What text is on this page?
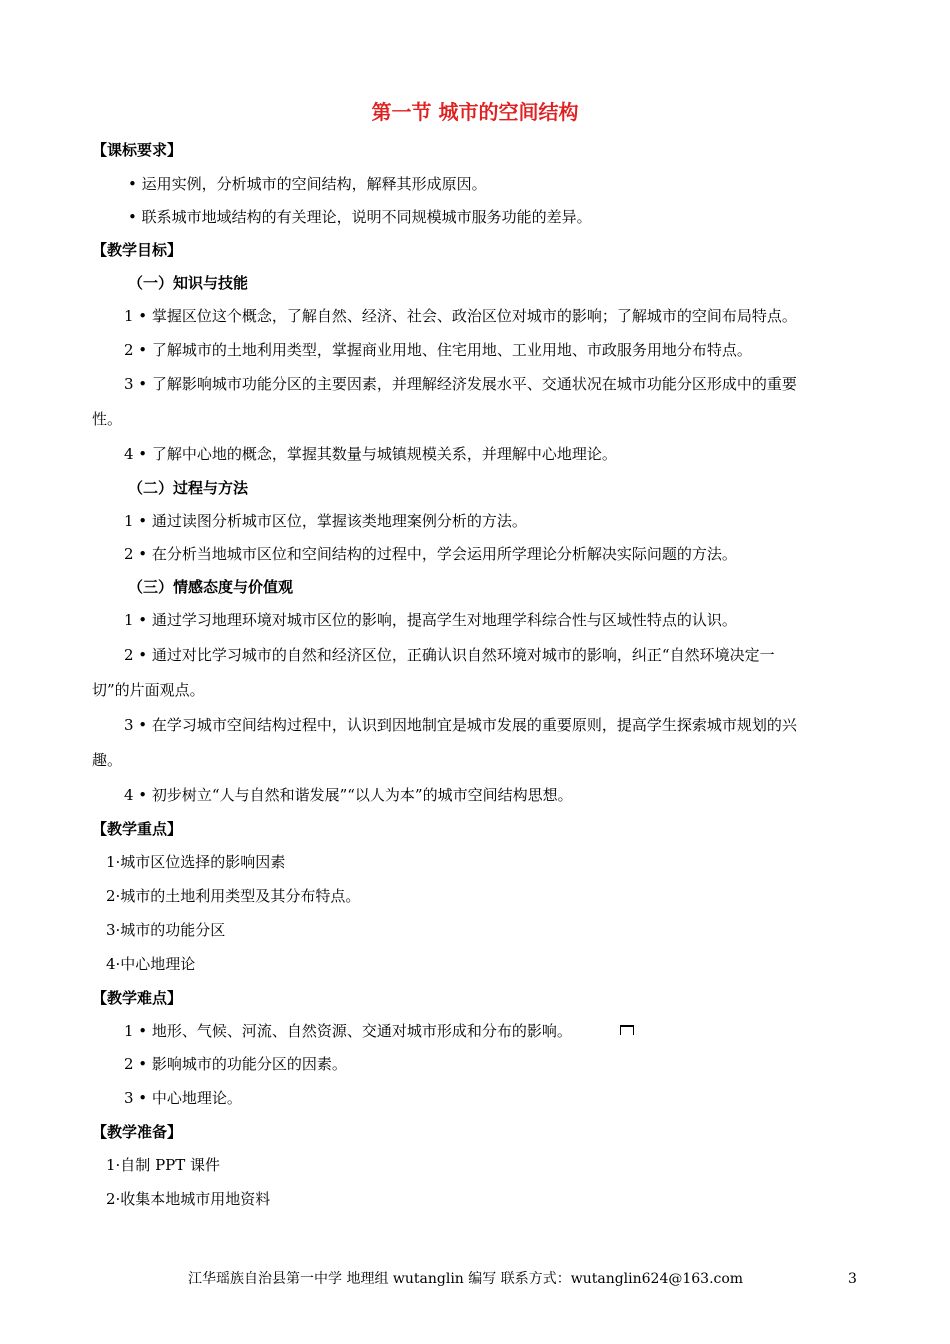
第一节 城市的空间结构
【课标要求】
• 运用实例，分析城市的空间结构，解释其形成原因。
• 联系城市地域结构的有关理论，说明不同规模城市服务功能的差异。
【教学目标】
（一）知识与技能
1 • 掌握区位这个概念，了解自然、经济、社会、政治区位对城市的影响；了解城市的空间布局特点。
2 • 了解城市的土地利用类型，掌握商业用地、住宅用地、工业用地、市政服务用地分布特点。
3 • 了解影响城市功能分区的主要因素，并理解经济发展水平、交通状况在城市功能分区形成中的重要
性。
4 • 了解中心地的概念，掌握其数量与城镇规模关系，并理解中心地理论。
（二）过程与方法
1 • 通过读图分析城市区位，掌握该类地理案例分析的方法。
2 • 在分析当地城市区位和空间结构的过程中，学会运用所学理论分析解决实际问题的方法。
（三）情感态度与价值观
1 • 通过学习地理环境对城市区位的影响，提高学生对地理学科综合性与区域性特点的认识。
2 • 通过对比学习城市的自然和经济区位，正确认识自然环境对城市的影响，纠正“自然环境决定一
切”的片面观点。
3 • 在学习城市空间结构过程中，认识到因地制宜是城市发展的重要原则，提高学生探索城市规划的兴
趣。
4 • 初步树立“人与自然和谐发展”“以人为本”的城市空间结构思想。
【教学重点】
1·城市区位选择的影响因素
2·城市的土地利用类型及其分布特点。
3·城市的功能分区
4·中心地理论
【教学难点】
1 • 地形、气候、河流、自然资源、交通对城市形成和分布的影响。
2 • 影响城市的功能分区的因素。
3 • 中心地理论。
【教学准备】
1·自制 PPT 课件
2·收集本地城市用地资料
江华瑶族自治县第一中学 地理组 wutanglin 编写 联系方式：wutanglin624@163.com	3
